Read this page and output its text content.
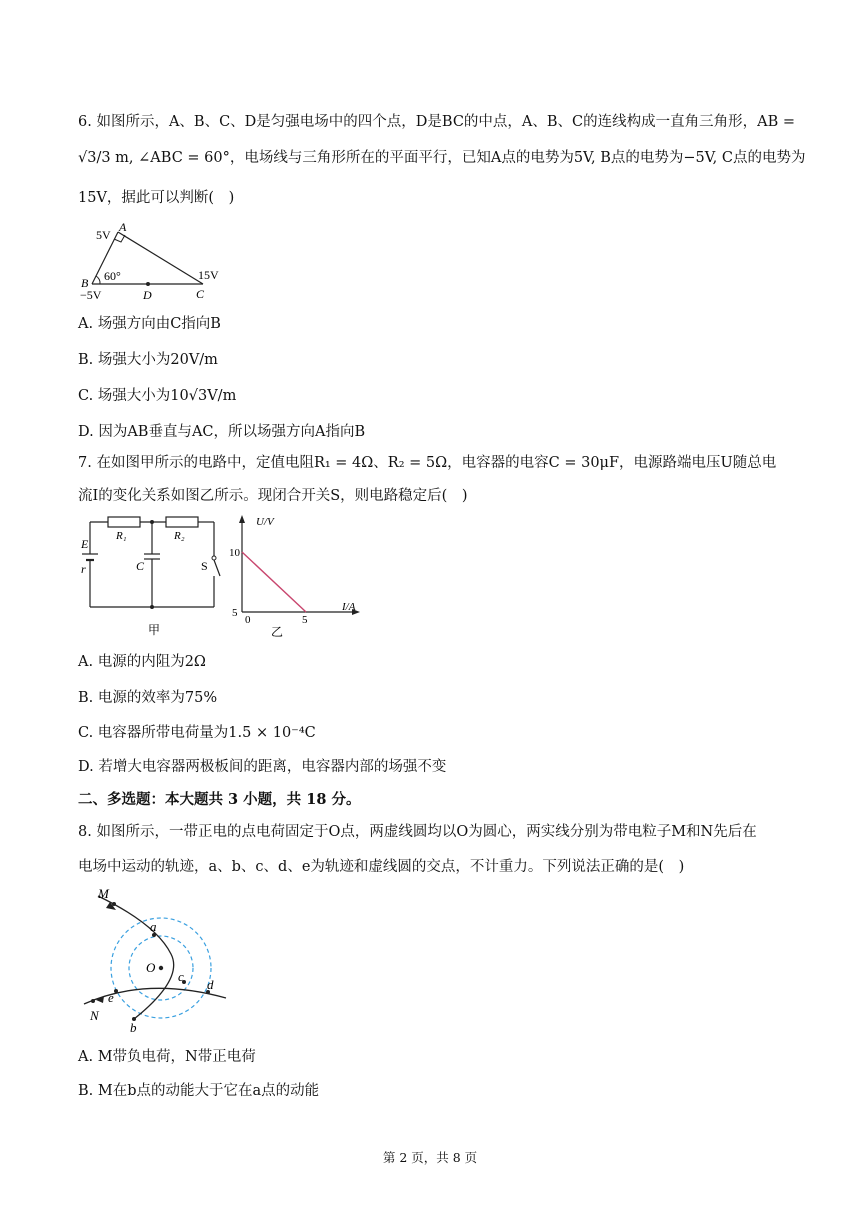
6. 如图所示，A、B、C、D是匀强电场中的四个点，D是BC的中点，A、B、C的连线构成一直角三角形，AB =
√3/3 m, ∠ABC = 60°，电场线与三角形所在的平面平行，已知A点的电势为5V, B点的电势为−5V, C点的电势为
15V，据此可以判断(　)
5V
A
60°
B
−5V	D	C
15V
A. 场强方向由C指向B
B. 场强大小为20V/m
C. 场强大小为10√3V/m
D. 因为AB垂直与AC，所以场强方向A指向B
7. 在如图甲所示的电路中，定值电阻R₁ = 4Ω、R₂ = 5Ω，电容器的电容C = 30μF，电源路端电压U随总电
流I的变化关系如图乙所示。现闭合开关S，则电路稳定后(　)
E
r
R₁	R₂
C	S
甲
U/V
I/A
10
5
0	5
乙
A. 电源的内阻为2Ω
B. 电源的效率为75%
C. 电容器所带电荷量为1.5 × 10⁻⁴C
D. 若增大电容器两极板间的距离，电容器内部的场强不变
二、多选题：本大题共 3 小题，共 18 分。
8. 如图所示，一带正电的点电荷固定于O点，两虚线圆均以O为圆心，两实线分别为带电粒子M和N先后在
电场中运动的轨迹，a、b、c、d、e为轨迹和虚线圆的交点，不计重力。下列说法正确的是(　)
M
N
a
b
c
d
e
O
A. M带负电荷，N带正电荷
B. M在b点的动能大于它在a点的动能
第 2 页，共 8 页
